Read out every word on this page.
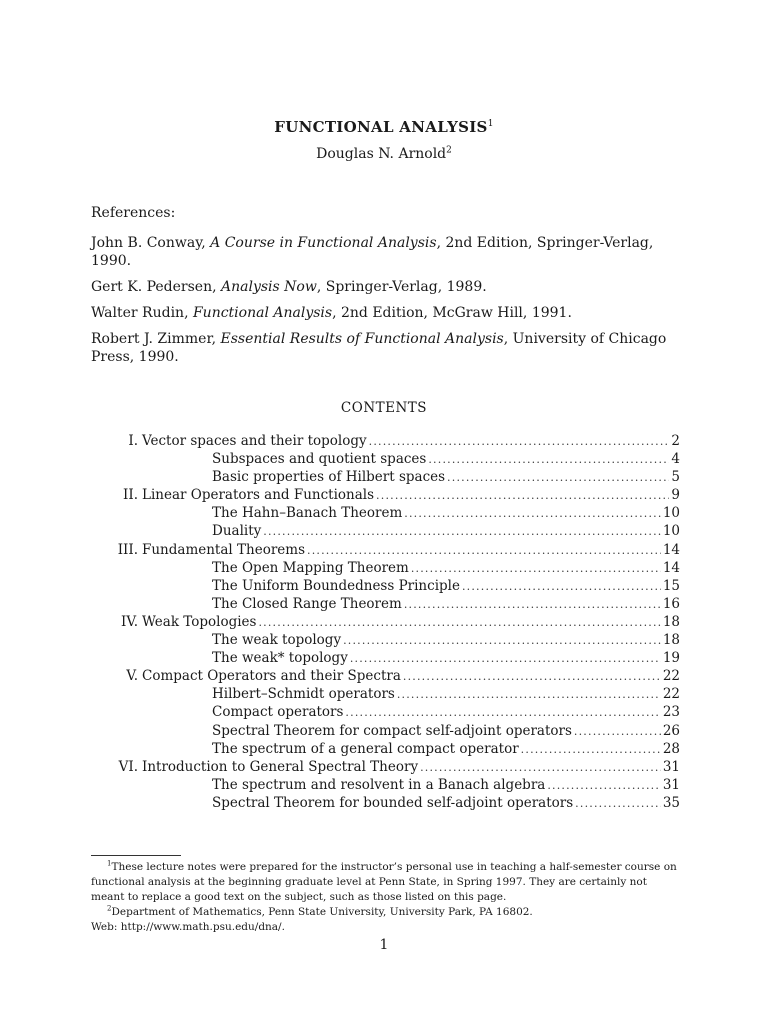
FUNCTIONAL ANALYSIS$^1$
Douglas N. Arnold$^2$
References:
John B. Conway, A Course in Functional Analysis, 2nd Edition, Springer-Verlag, 1990.
Gert K. Pedersen, Analysis Now, Springer-Verlag, 1989.
Walter Rudin, Functional Analysis, 2nd Edition, McGraw Hill, 1991.
Robert J. Zimmer, Essential Results of Functional Analysis, University of Chicago Press, 1990.
CONTENTS
I. Vector spaces and their topology .....	2
Subspaces and quotient spaces .....	4
Basic properties of Hilbert spaces .....	5
II. Linear Operators and Functionals .....	9
The Hahn–Banach Theorem .....	10
Duality .....	10
III. Fundamental Theorems .....	14
The Open Mapping Theorem .....	14
The Uniform Boundedness Principle .....	15
The Closed Range Theorem .....	16
IV. Weak Topologies .....	18
The weak topology .....	18
The weak* topology .....	19
V. Compact Operators and their Spectra .....	22
Hilbert–Schmidt operators .....	22
Compact operators .....	23
Spectral Theorem for compact self-adjoint operators .....	26
The spectrum of a general compact operator .....	28
VI. Introduction to General Spectral Theory .....	31
The spectrum and resolvent in a Banach algebra .....	31
Spectral Theorem for bounded self-adjoint operators .....	35

$^1$These lecture notes were prepared for the instructor’s personal use in teaching a half-semester course on functional analysis at the beginning graduate level at Penn State, in Spring 1997. They are certainly not meant to replace a good text on the subject, such as those listed on this page.

$^2$Department of Mathematics, Penn State University, University Park, PA 16802.

Web: http://www.math.psu.edu/dna/.

1
